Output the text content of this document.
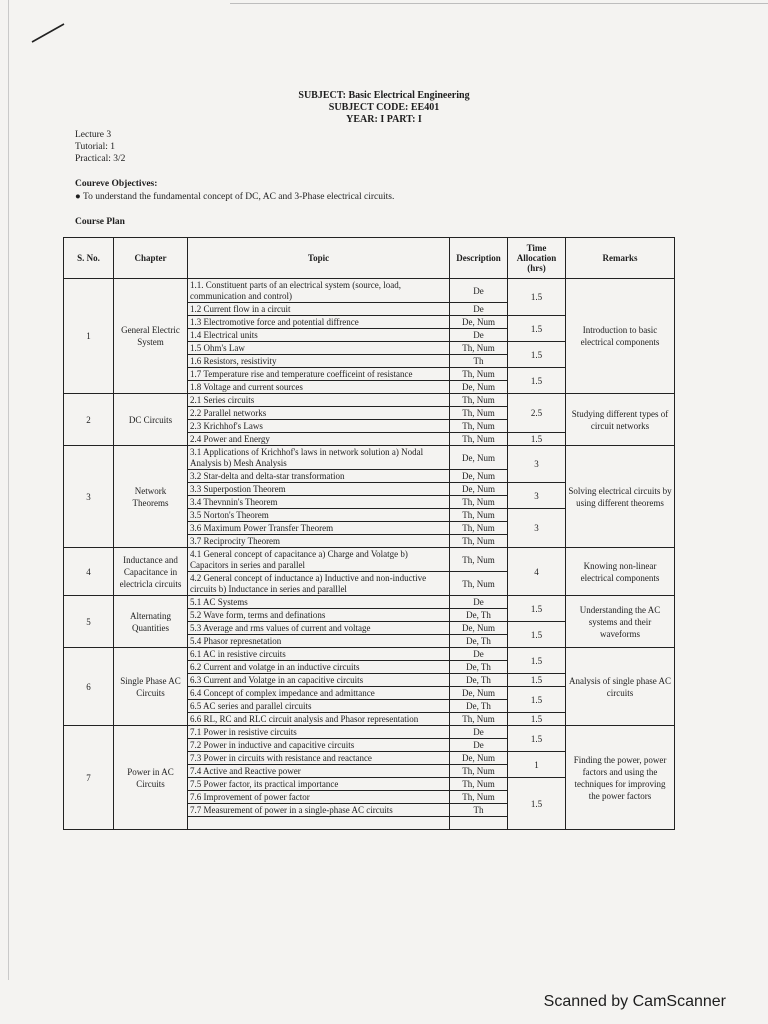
SUBJECT: Basic Electrical Engineering
SUBJECT CODE: EE401
YEAR: I PART: I
Lecture 3
Tutorial: 1
Practical: 3/2
Coureve Objectives:
● To understand the fundamental concept of DC, AC and 3-Phase electrical circuits.
Course Plan
S. No.	Chapter	Topic	Description	Time Allocation (hrs)	Remarks
1	General Electric System	1.1. Constituent parts of an electrical system (source, load, communication and control)	De	1.5	Introduction to basic electrical components
		1.2 Current flow in a circuit	De		
		1.3 Electromotive force and potential diffrence	De, Num	1.5	
		1.4 Electrical units	De		
		1.5 Ohm's Law	Th, Num	1.5	
		1.6 Resistors, resistivity	Th		
		1.7 Temperature rise and temperature coefficeint of resistance	Th, Num	1.5	
		1.8 Voltage and current sources	De, Num		
2	DC Circuits	2.1 Series circuits	Th, Num	2.5	Studying different types of circuit networks
		2.2 Parallel networks	Th, Num		
		2.3 Krichhof's Laws	Th, Num		
		2.4 Power and Energy	Th, Num	1.5	
3	Network Theorems	3.1 Applications of Krichhof's laws in network solution a) Nodal Analysis b) Mesh Analysis	De, Num	3	Solving electrical circuits by using different theorems
		3.2 Star-delta and delta-star transformation	De, Num		
		3.3 Superpostion Theorem	De, Num	3	
		3.4 Thevnnin's Theorem	Th, Num		
		3.5 Norton's Theorem	Th, Num	3	
		3.6 Maximum Power Transfer Theorem	Th, Num		
		3.7 Reciprocity Theorem	Th, Num		
4	Inductance and Capacitance in electricla circuits	4.1 General concept of capacitance a) Charge and Volatge b) Capacitors in series and parallel	Th, Num	4	Knowing non-linear electrical components
		4.2 General concept of inductance a) Inductive and non-inductive circuits b) Inductance in series and paralllel	Th, Num		
5	Alternating Quantities	5.1 AC Systems	De	1.5	Understanding the AC systems and their waveforms
		5.2 Wave form, terms and definations	De, Th		
		5.3 Average and rms values of current and voltage	De, Num	1.5	
		5.4 Phasor represnetation	De, Th		
6	Single Phase AC Circuits	6.1 AC in resistive circuits	De	1.5	Analysis of single phase AC circuits
		6.2 Current and volatge in an inductive circuits	De, Th		
		6.3 Current and Volatge in an capacitive circuits	De, Th	1.5	
		6.4 Concept of complex impedance and admittance	De, Num	1.5	
		6.5 AC series and parallel circuits	De, Th		
		6.6 RL, RC and RLC circuit analysis and Phasor representation	Th, Num	1.5	
7	Power in AC Circuits	7.1 Power in resistive circuits	De	1.5	Finding the power, power factors and using the techniques for improving the power factors
		7.2 Power in inductive and capacitive circuits	De		
		7.3 Power in circuits with resistance and reactance	De, Num	1	
		7.4 Active and Reactive power	Th, Num		
		7.5 Power factor, its practical importance	Th, Num	1.5	
		7.6 Improvement of power factor	Th, Num		
		7.7 Measurement of power in a single-phase AC circuits	Th		

Scanned by CamScanner
